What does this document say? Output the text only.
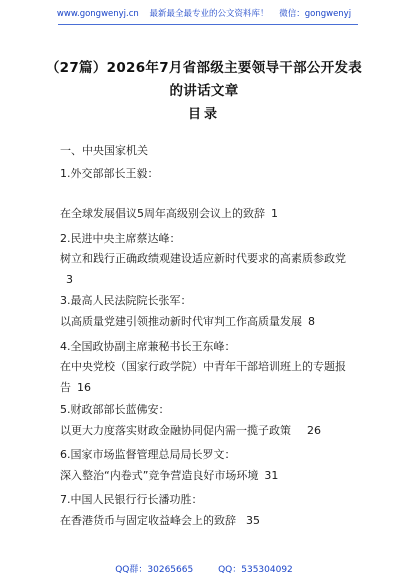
www.gongwenyj.cn 最新最全最专业的公文资料库！ 微信：gongwenyj
（27篇）2026年7月省部级主要领导干部公开发表
的讲话文章
目录
一、中央国家机关
1.外交部部长王毅：
在全球发展倡议5周年高级别会议上的致辞 1
2.民进中央主席蔡达峰：
树立和践行正确政绩观建设适应新时代要求的高素质参政党3
3.最高人民法院院长张军：
以高质量党建引领推动新时代审判工作高质量发展 8
4.全国政协副主席兼秘书长王东峰：
在中央党校（国家行政学院）中青年干部培训班上的专题报告 16
5.财政部部长蓝佛安：
以更大力度落实财政金融协同促内需一揽子政策 26
6.国家市场监督管理总局局长罗文：
深入整治“内卷式”竞争营造良好市场环境 31
7.中国人民银行行长潘功胜：
在香港货币与固定收益峰会上的致辞 35
QQ群：30265665	QQ：535304092
